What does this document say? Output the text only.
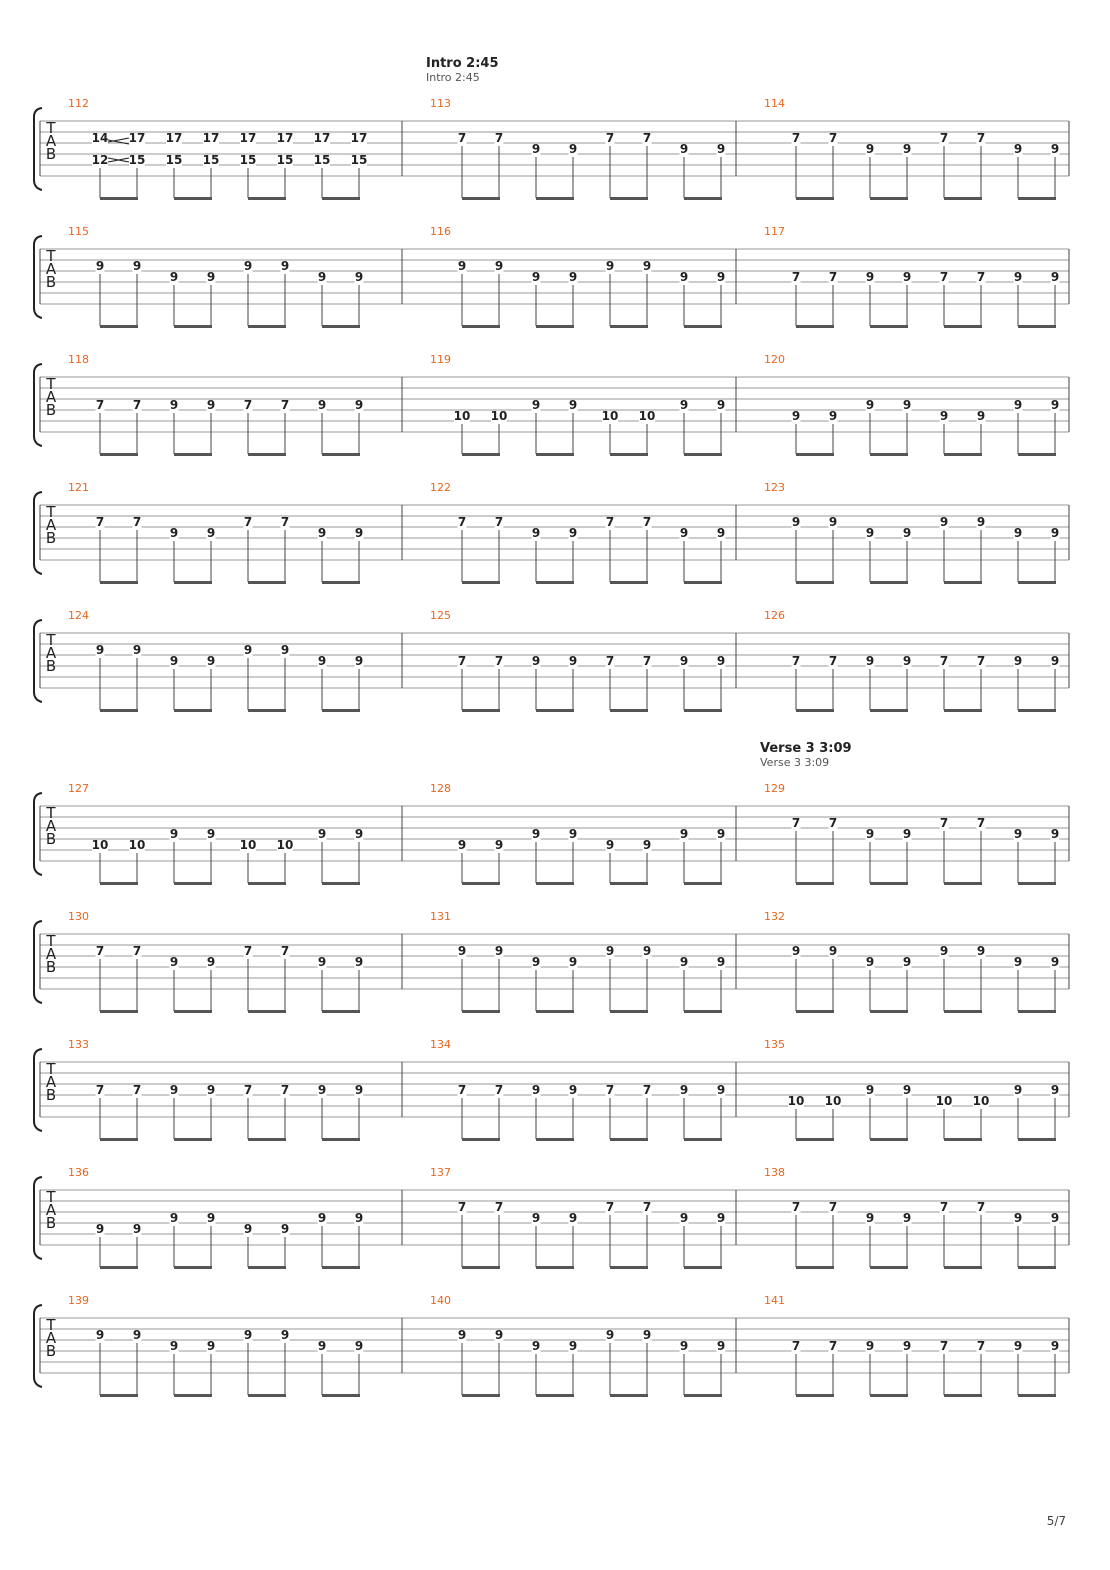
T
A
B
Intro 2:45
Intro 2:45
112
14 17 17 17 17 17 17 17
12 15 15 15 15 15 15 15
113
7 7
9 9
7 7
9 9
114
7 7
9 9
7 7
9 9
T
A
B
115
9 9
9 9
9 9
9 9
116
9 9
9 9
9 9
9 9
117
7 7 9 9 7 7 9 9
T
A
B
118
7 7 9 9 7 7 9 9
119
10 10
9 9
10 10
9 9
120
9 9
9 9
9 9
9 9
T
A
B
121
7 7
9 9
7 7
9 9
122
7 7
9 9
7 7
9 9
123
9 9
9 9
9 9
9 9
T
A
B
124
9 9
9 9
9 9
9 9
125
7 7 9 9 7 7 9 9
126
7 7 9 9 7 7 9 9
T
A
B
Verse 3 3:09
Verse 3 3:09
127
10 10
9 9
10 10
9 9
128
9 9
9 9
9 9
9 9
129
7 7
9 9
7 7
9 9
T
A
B
130
7 7
9 9
7 7
9 9
131
9 9
9 9
9 9
9 9
132
9 9
9 9
9 9
9 9
T
A
B
133
7 7 9 9 7 7 9 9
134
7 7 9 9 7 7 9 9
135
10 10
9 9
10 10
9 9
T
A
B
136
9 9
9 9
9 9
9 9
137
7 7
9 9
7 7
9 9
138
7 7
9 9
7 7
9 9
T
A
B
139
9 9
9 9
9 9
9 9
140
9 9
9 9
9 9
9 9
141
7 7 9 9 7 7 9 9
5/7
